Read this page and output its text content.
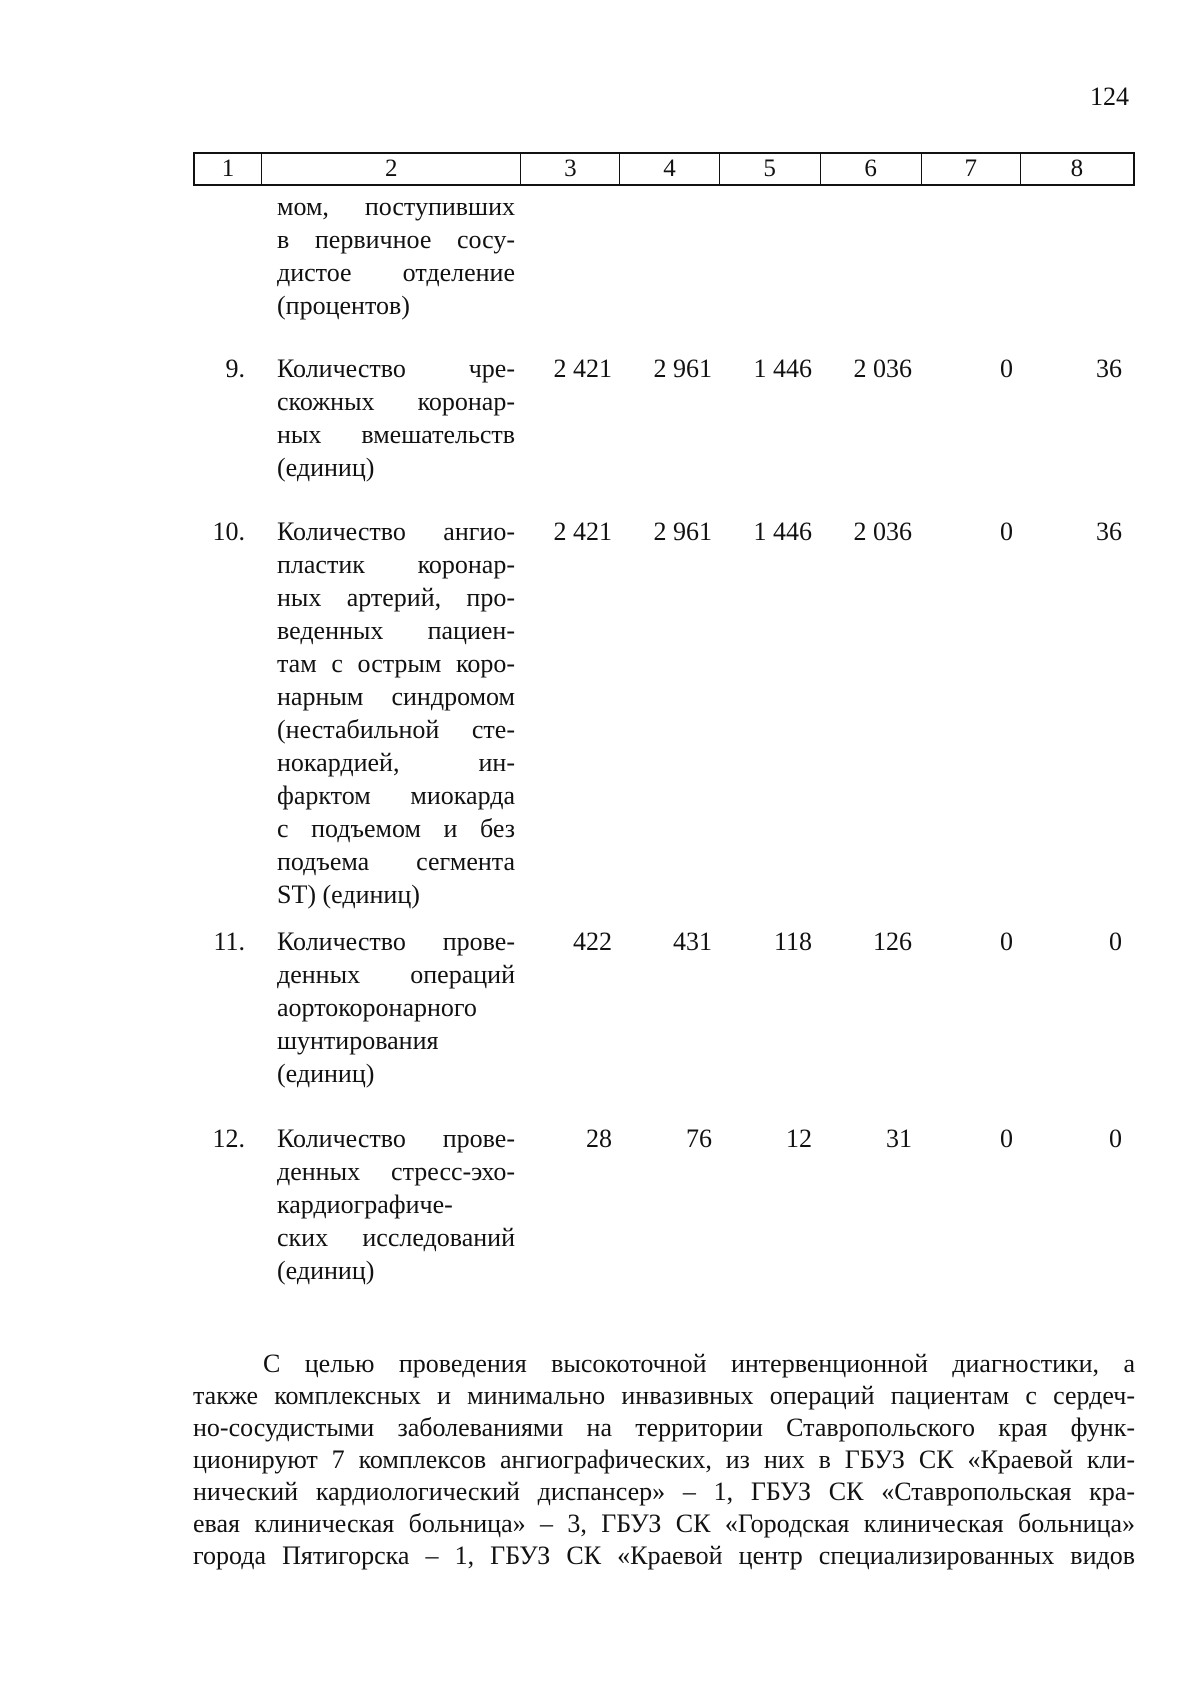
124
1	2	3	4	5	6	7	8
мом, поступивших
в первичное сосу-
дистое отделение
(процентов)
9. Количество чре-
скожных коронар-
ных вмешательств
(единиц)
2 421	2 961	1 446	2 036	0	36
10. Количество ангио-
пластик коронар-
ных артерий, про-
веденных пациен-
там с острым коро-
нарным синдромом
(нестабильной сте-
нокардией, ин-
фарктом миокарда
с подъемом и без
подъема сегмента
ST) (единиц)
2 421	2 961	1 446	2 036	0	36
11. Количество прове-
денных операций
аортокоронарного
шунтирования
(единиц)
422	431	118	126	0	0
12. Количество прове-
денных стресс-эхо-
кардиографиче-
ских исследований
(единиц)
28	76	12	31	0	0
С целью проведения высокоточной интервенционной диагностики, а
также комплексных и минимально инвазивных операций пациентам с сердеч-
но-сосудистыми заболеваниями на территории Ставропольского края функ-
ционируют 7 комплексов ангиографических, из них в ГБУЗ СК «Краевой кли-
нический кардиологический диспансер» – 1, ГБУЗ СК «Ставропольская кра-
евая клиническая больница» – 3, ГБУЗ СК «Городская клиническая больница»
города Пятигорска – 1, ГБУЗ СК «Краевой центр специализированных видов
